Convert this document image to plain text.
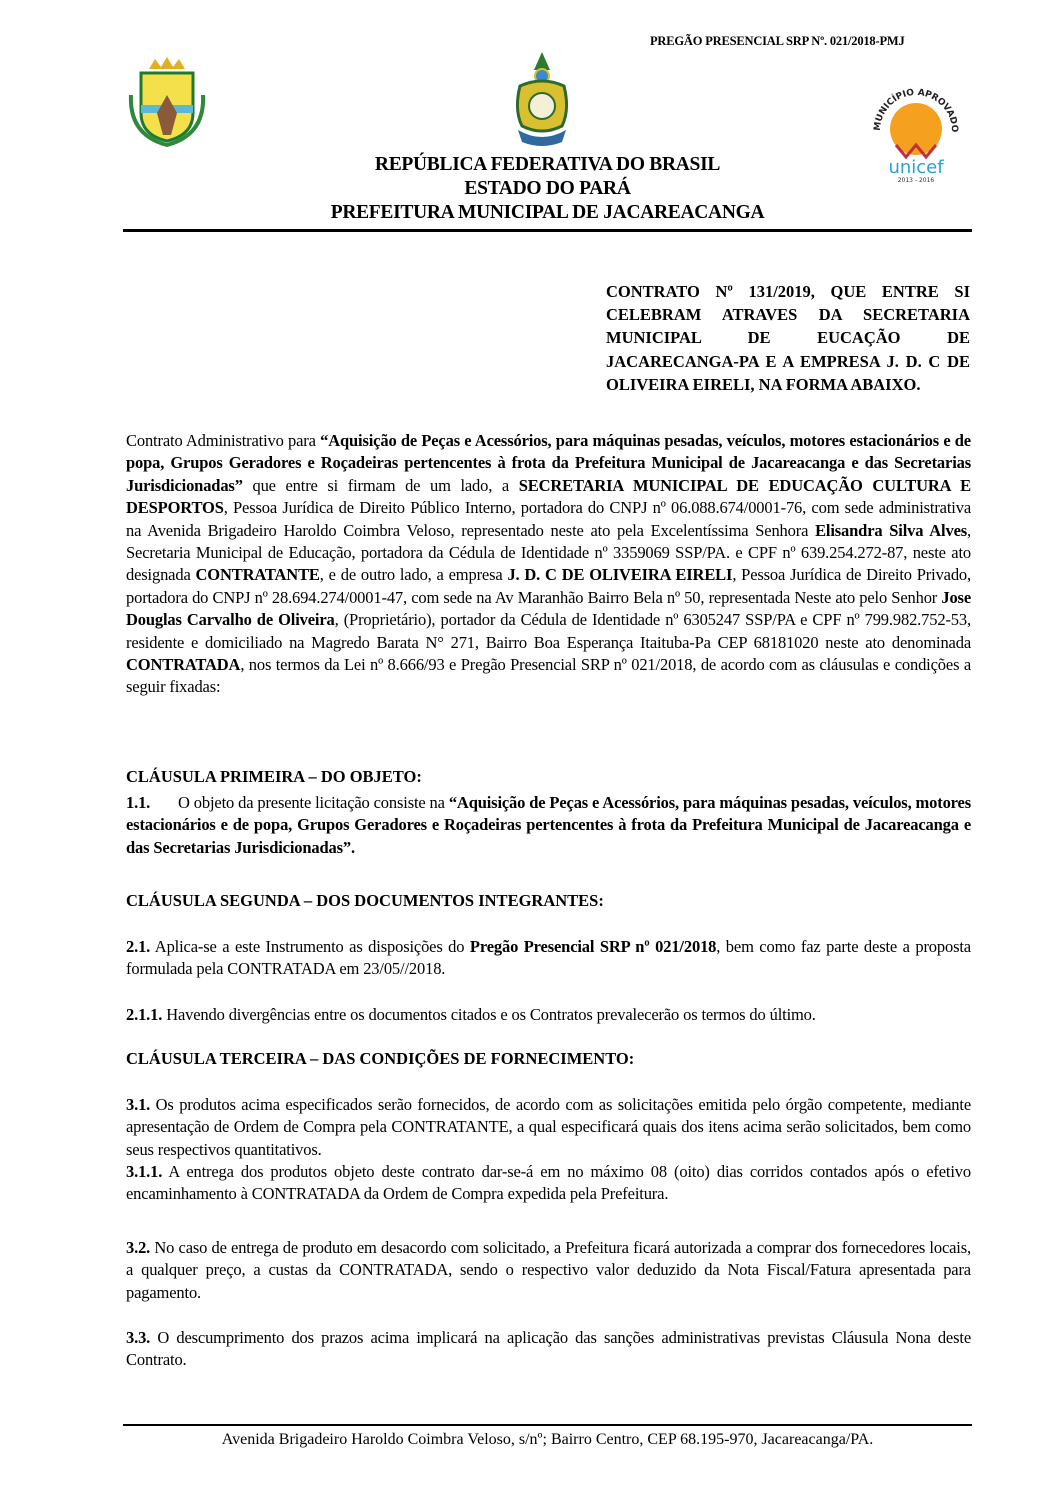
MUNICÍPIO APROVADO
unicef
2013 - 2016
PREGÃO PRESENCIAL SRP Nº. 021/2018-PMJ
REPÚBLICA FEDERATIVA DO BRASIL
ESTADO DO PARÁ
PREFEITURA MUNICIPAL DE JACAREACANGA
CONTRATO Nº 131/2019, QUE ENTRE SI CELEBRAM ATRAVES DA SECRETARIA MUNICIPAL DE EUCAÇÃO DE JACARECANGA-PA E A EMPRESA J. D. C DE OLIVEIRA EIRELI, NA FORMA ABAIXO.
Contrato Administrativo para “Aquisição de Peças e Acessórios, para máquinas pesadas, veículos, motores estacionários e de popa, Grupos Geradores e Roçadeiras pertencentes à frota da Prefeitura Municipal de Jacareacanga e das Secretarias Jurisdicionadas” que entre si firmam de um lado, a SECRETARIA MUNICIPAL DE EDUCAÇÃO CULTURA E DESPORTOS, Pessoa Jurídica de Direito Público Interno, portadora do CNPJ nº 06.088.674/0001-76, com sede administrativa na Avenida Brigadeiro Haroldo Coimbra Veloso, representado neste ato pela Excelentíssima Senhora Elisandra Silva Alves, Secretaria Municipal de Educação, portadora da Cédula de Identidade nº 3359069 SSP/PA. e CPF nº 639.254.272-87, neste ato designada CONTRATANTE, e de outro lado, a empresa J. D. C DE OLIVEIRA EIRELI, Pessoa Jurídica de Direito Privado, portadora do CNPJ nº 28.694.274/0001-47, com sede na Av Maranhão Bairro Bela nº 50, representada Neste ato pelo Senhor Jose Douglas Carvalho de Oliveira, (Proprietário), portador da Cédula de Identidade nº 6305247 SSP/PA e CPF nº 799.982.752-53, residente e domiciliado na Magredo Barata N° 271, Bairro Boa Esperança Itaituba-Pa CEP 68181020 neste ato denominada CONTRATADA, nos termos da Lei nº 8.666/93 e Pregão Presencial SRP nº 021/2018, de acordo com as cláusulas e condições a seguir fixadas:
CLÁUSULA PRIMEIRA – DO OBJETO:
1.1.       O objeto da presente licitação consiste na “Aquisição de Peças e Acessórios, para máquinas pesadas, veículos, motores estacionários e de popa, Grupos Geradores e Roçadeiras pertencentes à frota da Prefeitura Municipal de Jacareacanga e das Secretarias Jurisdicionadas”.
CLÁUSULA SEGUNDA – DOS DOCUMENTOS INTEGRANTES:
2.1. Aplica-se a este Instrumento as disposições do Pregão Presencial SRP nº 021/2018, bem como faz parte deste a proposta formulada pela CONTRATADA em 23/05//2018.
2.1.1. Havendo divergências entre os documentos citados e os Contratos prevalecerão os termos do último.
CLÁUSULA TERCEIRA – DAS CONDIÇÕES DE FORNECIMENTO:
3.1. Os produtos acima especificados serão fornecidos, de acordo com as solicitações emitida pelo órgão competente, mediante apresentação de Ordem de Compra pela CONTRATANTE, a qual especificará quais dos itens acima serão solicitados, bem como seus respectivos quantitativos.
3.1.1. A entrega dos produtos objeto deste contrato dar-se-á em no máximo 08 (oito) dias corridos contados após o efetivo encaminhamento à CONTRATADA da Ordem de Compra expedida pela Prefeitura.
3.2. No caso de entrega de produto em desacordo com solicitado, a Prefeitura ficará autorizada a comprar dos fornecedores locais, a qualquer preço, a custas da CONTRATADA, sendo o respectivo valor deduzido da Nota Fiscal/Fatura apresentada para pagamento.
3.3. O descumprimento dos prazos acima implicará na aplicação das sanções administrativas previstas Cláusula Nona deste Contrato.
Avenida Brigadeiro Haroldo Coimbra Veloso, s/nº; Bairro Centro, CEP 68.195-970, Jacareacanga/PA.
